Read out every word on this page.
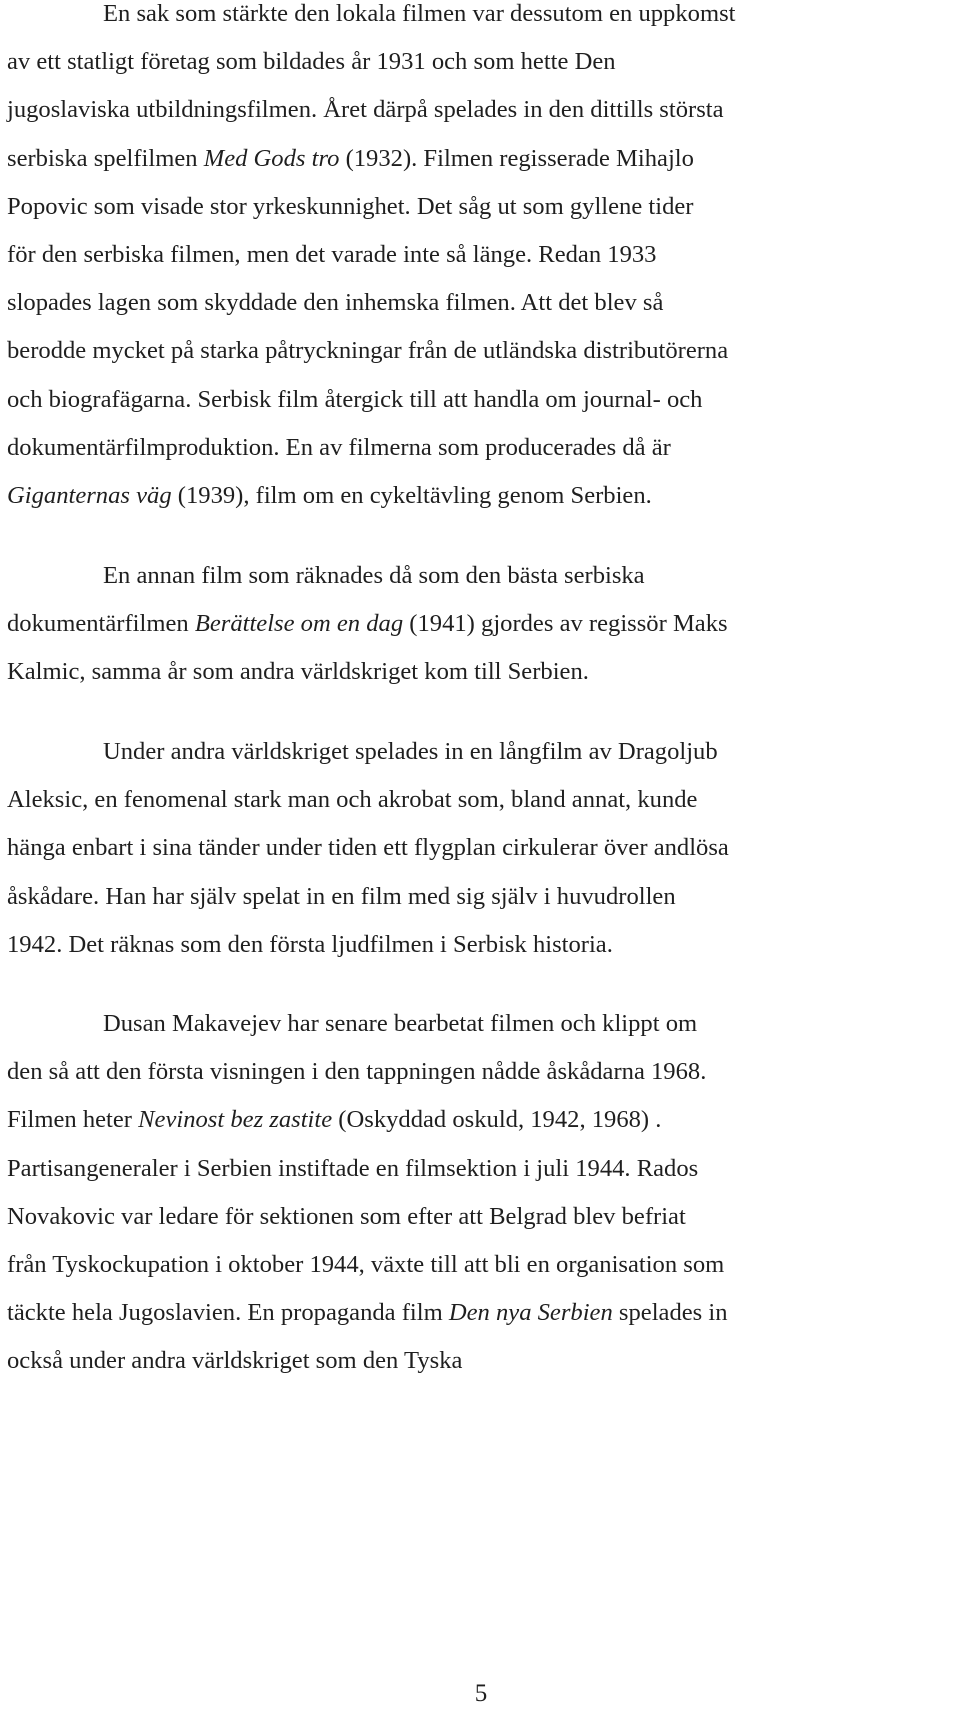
En sak som stärkte den lokala filmen var dessutom en uppkomst
av ett statligt företag som bildades år 1931 och som hette Den
jugoslaviska utbildningsfilmen. Året därpå spelades in den dittills största
serbiska spelfilmen Med Gods tro (1932). Filmen regisserade Mihajlo
Popovic som visade stor yrkeskunnighet. Det såg ut som gyllene tider
för den serbiska filmen, men det varade inte så länge. Redan 1933
slopades lagen som skyddade den inhemska filmen. Att det blev så
berodde mycket på starka påtryckningar från de utländska distributörerna
och biografägarna. Serbisk film återgick till att handla om journal- och
dokumentärfilmproduktion. En av filmerna som producerades då är
Giganternas väg (1939), film om en cykeltävling genom Serbien.
En annan film som räknades då som den bästa serbiska
dokumentärfilmen Berättelse om en dag (1941) gjordes av regissör Maks
Kalmic, samma år som andra världskriget kom till Serbien.
Under andra världskriget spelades in en långfilm av Dragoljub
Aleksic, en fenomenal stark man och akrobat som, bland annat, kunde
hänga enbart i sina tänder under tiden ett flygplan cirkulerar över andlösa
åskådare. Han har själv spelat in en film med sig själv i huvudrollen
1942. Det räknas som den första ljudfilmen i Serbisk historia.
Dusan Makavejev har senare bearbetat filmen och klippt om
den så att den första visningen i den tappningen nådde åskådarna 1968.
Filmen heter Nevinost bez zastite (Oskyddad oskuld, 1942, 1968) .
Partisangeneraler i Serbien instiftade en filmsektion i juli 1944. Rados
Novakovic var ledare för sektionen som efter att Belgrad blev befriat
från Tyskockupation i oktober 1944, växte till att bli en organisation som
täckte hela Jugoslavien. En propaganda film Den nya Serbien spelades in
också under andra världskriget som den Tyska
5
